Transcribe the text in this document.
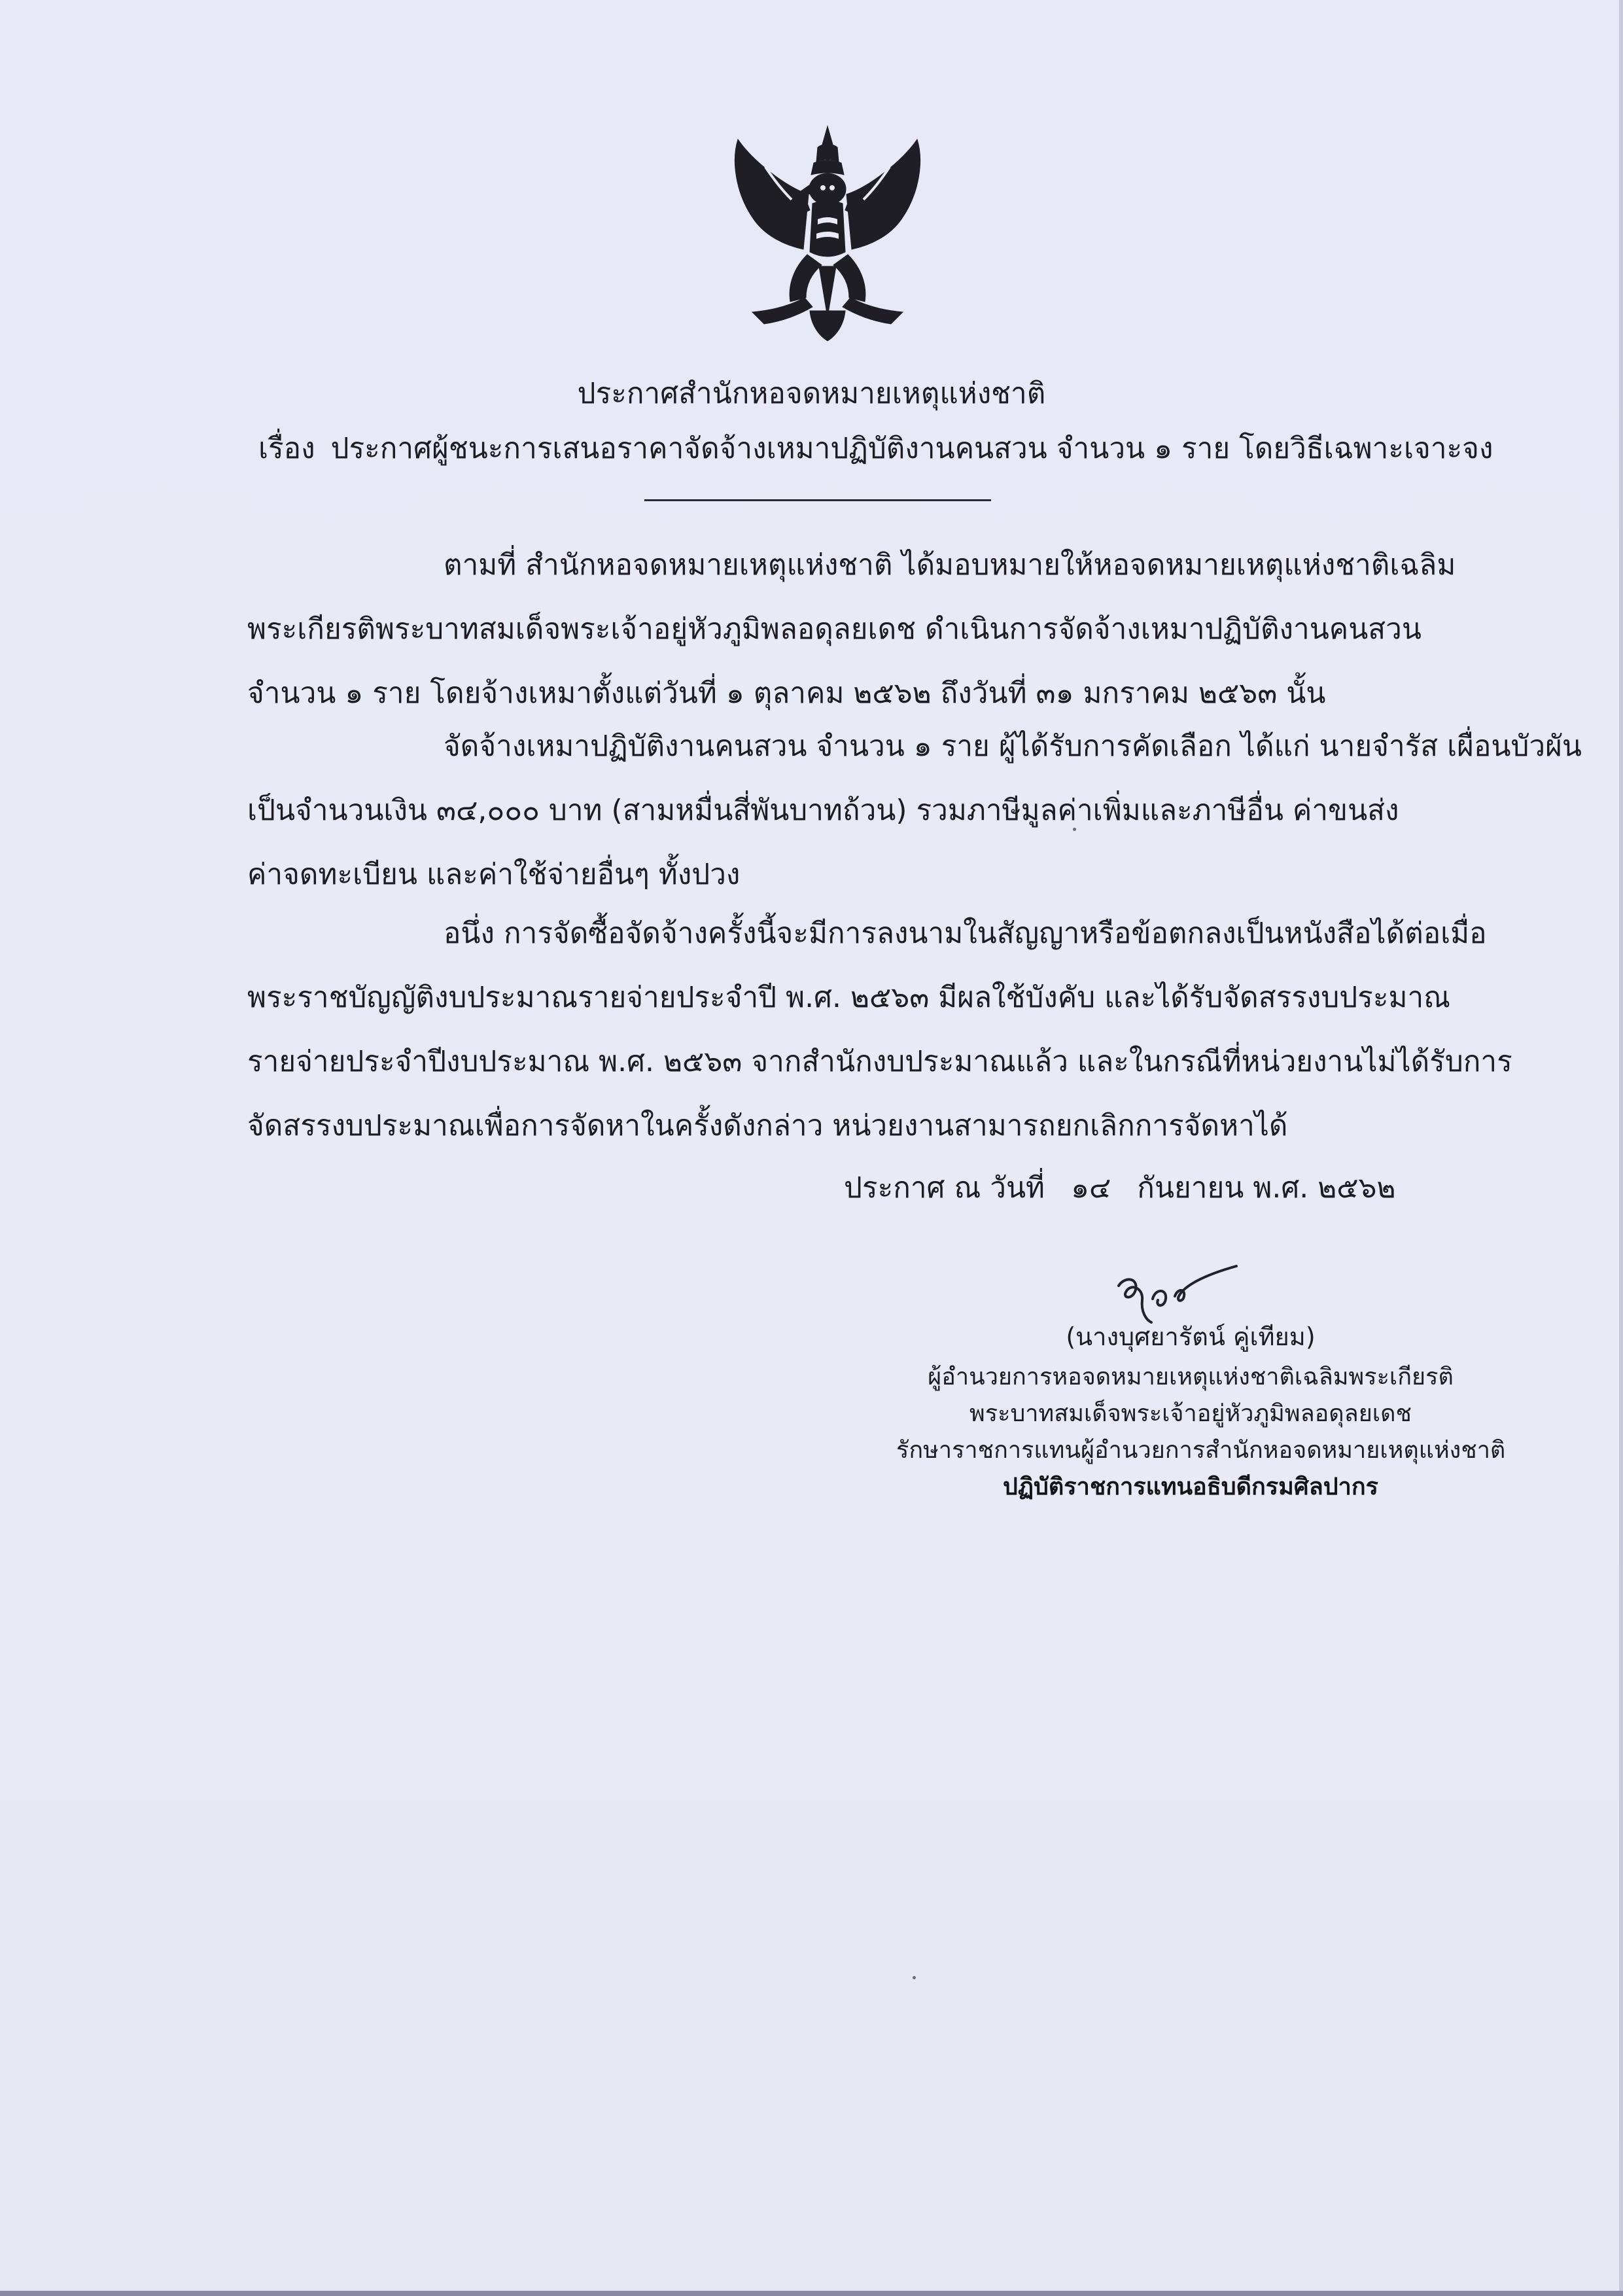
ประกาศสำนักหอจดหมายเหตุแห่งชาติ
เรื่อง ประกาศผู้ชนะการเสนอราคาจัดจ้างเหมาปฏิบัติงานคนสวน จำนวน ๑ ราย โดยวิธีเฉพาะเจาะจง
ตามที่ สำนักหอจดหมายเหตุแห่งชาติ ได้มอบหมายให้หอจดหมายเหตุแห่งชาติเฉลิม
พระเกียรติพระบาทสมเด็จพระเจ้าอยู่หัวภูมิพลอดุลยเดช ดำเนินการจัดจ้างเหมาปฏิบัติงานคนสวน
จำนวน ๑ ราย โดยจ้างเหมาตั้งแต่วันที่ ๑ ตุลาคม ๒๕๖๒ ถึงวันที่ ๓๑ มกราคม ๒๕๖๓ นั้น
จัดจ้างเหมาปฏิบัติงานคนสวน จำนวน ๑ ราย ผู้ได้รับการคัดเลือก ได้แก่ นายจำรัส เผื่อนบัวผัน
เป็นจำนวนเงิน ๓๔,๐๐๐ บาท (สามหมื่นสี่พันบาทถ้วน) รวมภาษีมูลค่าเพิ่มและภาษีอื่น ค่าขนส่ง
ค่าจดทะเบียน และค่าใช้จ่ายอื่นๆ ทั้งปวง
อนึ่ง การจัดซื้อจัดจ้างครั้งนี้จะมีการลงนามในสัญญาหรือข้อตกลงเป็นหนังสือได้ต่อเมื่อ
พระราชบัญญัติงบประมาณรายจ่ายประจำปี พ.ศ. ๒๕๖๓ มีผลใช้บังคับ และได้รับจัดสรรงบประมาณ
รายจ่ายประจำปีงบประมาณ พ.ศ. ๒๕๖๓ จากสำนักงบประมาณแล้ว และในกรณีที่หน่วยงานไม่ได้รับการ
จัดสรรงบประมาณเพื่อการจัดหาในครั้งดังกล่าว หน่วยงานสามารถยกเลิกการจัดหาได้
ประกาศ ณ วันที่ ๑๔ กันยายน พ.ศ. ๒๕๖๒
(นางบุศยารัตน์ คู่เทียม)
ผู้อำนวยการหอจดหมายเหตุแห่งชาติเฉลิมพระเกียรติ
พระบาทสมเด็จพระเจ้าอยู่หัวภูมิพลอดุลยเดช
รักษาราชการแทนผู้อำนวยการสำนักหอจดหมายเหตุแห่งชาติ
ปฏิบัติราชการแทนอธิบดีกรมศิลปากร
